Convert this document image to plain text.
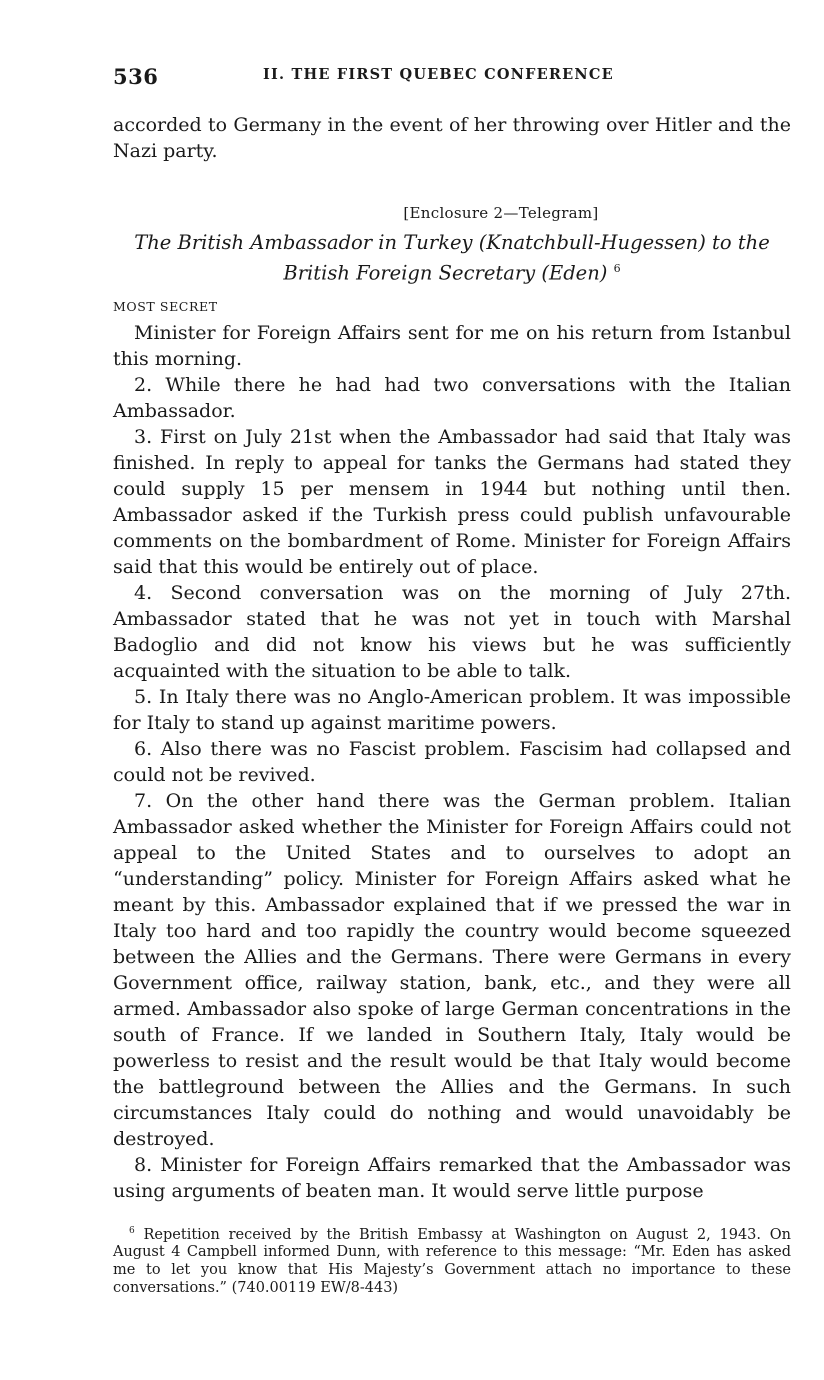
536	II. THE FIRST QUEBEC CONFERENCE

accorded to Germany in the event of her throwing over Hitler and the Nazi party.

[Enclosure 2—Telegram]
The British Ambassador in Turkey (Knatchbull-Hugessen) to the British Foreign Secretary (Eden) $^6$
MOST SECRET

Minister for Foreign Affairs sent for me on his return from Istanbul this morning.

2. While there he had had two conversations with the Italian Ambassador.

3. First on July 21st when the Ambassador had said that Italy was finished. In reply to appeal for tanks the Germans had stated they could supply 15 per mensem in 1944 but nothing until then. Ambassador asked if the Turkish press could publish unfavourable comments on the bombardment of Rome. Minister for Foreign Affairs said that this would be entirely out of place.

4. Second conversation was on the morning of July 27th. Ambassador stated that he was not yet in touch with Marshal Badoglio and did not know his views but he was sufficiently acquainted with the situation to be able to talk.

5. In Italy there was no Anglo-American problem. It was impossible for Italy to stand up against maritime powers.

6. Also there was no Fascist problem. Fascisim had collapsed and could not be revived.

7. On the other hand there was the German problem. Italian Ambassador asked whether the Minister for Foreign Affairs could not appeal to the United States and to ourselves to adopt an “understanding” policy. Minister for Foreign Affairs asked what he meant by this. Ambassador explained that if we pressed the war in Italy too hard and too rapidly the country would become squeezed between the Allies and the Germans. There were Germans in every Government office, railway station, bank, etc., and they were all armed. Ambassador also spoke of large German concentrations in the south of France. If we landed in Southern Italy, Italy would be powerless to resist and the result would be that Italy would become the battleground between the Allies and the Germans. In such circumstances Italy could do nothing and would unavoidably be destroyed.

8. Minister for Foreign Affairs remarked that the Ambassador was using arguments of beaten man. It would serve little purpose

$^6$ Repetition received by the British Embassy at Washington on August 2, 1943. On August 4 Campbell informed Dunn, with reference to this message: “Mr. Eden has asked me to let you know that His Majesty’s Government attach no importance to these conversations.” (740.00119 EW/8-443)
